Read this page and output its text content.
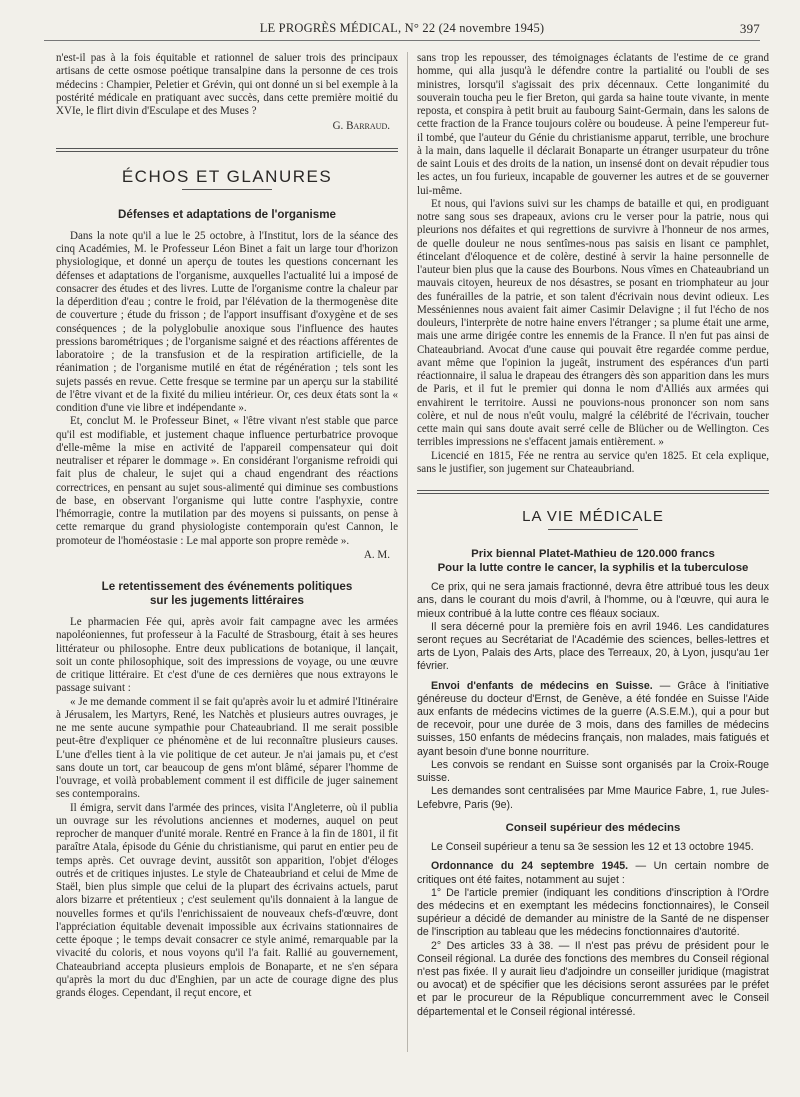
LE PROGRÈS MÉDICAL, N° 22 (24 novembre 1945)	397

n'est-il pas à la fois équitable et rationnel de saluer trois des principaux artisans de cette osmose poétique transalpine dans la personne de ces trois médecins : Champier, Peletier et Grévin, qui ont donné un si bel exemple à la postérité médicale en pratiquant avec succès, dans cette première moitié du XVIe, le flirt divin d'Esculape et des Muses ?

G. Barraud.
ÉCHOS ET GLANURES
Défenses et adaptations de l'organisme

Dans la note qu'il a lue le 25 octobre, à l'Institut, lors de la séance des cinq Académies, M. le Professeur Léon Binet a fait un large tour d'horizon physiologique, et donné un aperçu de toutes les questions concernant les défenses et adaptations de l'organisme, auxquelles l'actualité lui a imposé de consacrer des études et des livres. Lutte de l'organisme contre la chaleur par la déperdition d'eau ; contre le froid, par l'élévation de la thermogenèse dite de couverture ; étude du frisson ; de l'apport insuffisant d'oxygène et de ses conséquences ; de la polyglobulie anoxique sous l'influence des hautes pressions barométriques ; de l'organisme saigné et des réactions afférentes de laboratoire ; de la transfusion et de la respiration artificielle, de la réanimation ; de l'organisme mutilé en état de régénération ; tels sont les sujets passés en revue. Cette fresque se termine par un aperçu sur la stabilité de l'être vivant et de la fixité du milieu intérieur. Or, ces deux états sont la « condition d'une vie libre et indépendante ».

Et, conclut M. le Professeur Binet, « l'être vivant n'est stable que parce qu'il est modifiable, et justement chaque influence perturbatrice provoque d'elle-même la mise en activité de l'appareil compensateur qui doit neutraliser et réparer le dommage ». En considérant l'organisme refroidi qui fait plus de chaleur, le sujet qui a chaud engendrant des réactions correctrices, en pensant au sujet sous-alimenté qui diminue ses combustions de base, en observant l'organisme qui lutte contre l'asphyxie, contre l'hémorragie, contre la mutilation par des moyens si puissants, on pense à cette remarque du grand physiologiste contemporain qu'est Cannon, le promoteur de l'homéostasie : Le mal apporte son propre remède ».

A. M.
Le retentissement des événements politiques
sur les jugements littéraires

Le pharmacien Fée qui, après avoir fait campagne avec les armées napoléoniennes, fut professeur à la Faculté de Strasbourg, était à ses heures littérateur ou philosophe. Entre deux publications de botanique, il lançait, soit un conte philosophique, soit des impressions de voyage, ou une œuvre de critique littéraire. Et c'est d'une de ces dernières que nous extrayons le passage suivant :

« Je me demande comment il se fait qu'après avoir lu et admiré l'Itinéraire à Jérusalem, les Martyrs, René, les Natchès et plusieurs autres ouvrages, je ne me sente aucune sympathie pour Chateaubriand. Il me serait possible peut-être d'expliquer ce phénomène et de lui reconnaître plusieurs causes. L'une d'elles tient à la vie politique de cet auteur. Je n'ai jamais pu, et c'est sans doute un tort, car beaucoup de gens m'ont blâmé, séparer l'homme de l'ouvrage, et voilà probablement comment il est difficile de juger sainement ses contemporains.

Il émigra, servit dans l'armée des princes, visita l'Angleterre, où il publia un ouvrage sur les révolutions anciennes et modernes, auquel on peut reprocher de manquer d'unité morale. Rentré en France à la fin de 1801, il fit paraître Atala, épisode du Génie du christianisme, qui parut en entier peu de temps après. Cet ouvrage devint, aussitôt son apparition, l'objet d'éloges outrés et de critiques injustes. Le style de Chateaubriand et celui de Mme de Staël, bien plus simple que celui de la plupart des écrivains actuels, parut alors bizarre et prétentieux ; c'est seulement qu'ils donnaient à la langue de nouvelles formes et qu'ils l'enrichissaient de nouveaux chefs-d'œuvre, dont l'appréciation équitable devenait impossible aux écrivains stationnaires de cette époque ; le temps devait consacrer ce style animé, remarquable par la vivacité du coloris, et nous voyons qu'il l'a fait. Rallié au gouvernement, Chateaubriand accepta plusieurs emplois de Bonaparte, et ne s'en sépara qu'après la mort du duc d'Enghien, par un acte de courage digne des plus grands éloges. Cependant, il reçut encore, et

sans trop les repousser, des témoignages éclatants de l'estime de ce grand homme, qui alla jusqu'à le défendre contre la partialité ou l'oubli de ses ministres, lorsqu'il s'agissait des prix décennaux. Cette longanimité du souverain toucha peu le fier Breton, qui garda sa haine toute vivante, in mente reposta, et conspira à petit bruit au faubourg Saint-Germain, dans les salons de cette fraction de la France toujours colère ou boudeuse. À peine l'empereur fut-il tombé, que l'auteur du Génie du christianisme apparut, terrible, une brochure à la main, dans laquelle il déclarait Bonaparte un étranger usurpateur du trône de saint Louis et des droits de la nation, un insensé dont on devait répudier tous les actes, un fou furieux, incapable de gouverner les autres et de se gouverner lui-même.

Et nous, qui l'avions suivi sur les champs de bataille et qui, en prodiguant notre sang sous ses drapeaux, avions cru le verser pour la patrie, nous qui pleurions nos défaites et qui regrettions de survivre à l'honneur de nos armes, de quelle douleur ne nous sentîmes-nous pas saisis en lisant ce pamphlet, étincelant d'éloquence et de colère, destiné à servir la haine personnelle de l'auteur bien plus que la cause des Bourbons. Nous vîmes en Chateaubriand un mauvais citoyen, heureux de nos désastres, se posant en triomphateur au jour des funérailles de la patrie, et son talent d'écrivain nous devint odieux. Les Messéniennes nous avaient fait aimer Casimir Delavigne ; il fut l'écho de nos douleurs, l'interprète de notre haine envers l'étranger ; sa plume était une arme, mais une arme dirigée contre les ennemis de la France. Il n'en fut pas ainsi de Chateaubriand. Avocat d'une cause qui pouvait être regardée comme perdue, avant même que l'opinion la jugeât, instrument des espérances d'un parti réactionnaire, il salua le drapeau des étrangers dès son apparition dans les murs de Paris, et il fut le premier qui donna le nom d'Alliés aux armées qui envahirent le territoire. Aussi ne pouvions-nous prononcer son nom sans colère, et nul de nous n'eût voulu, malgré la célébrité de l'écrivain, toucher cette main qui sans doute avait serré celle de Blücher ou de Wellington. Ces terribles impressions ne s'effacent jamais entièrement. »

Licencié en 1815, Fée ne rentra au service qu'en 1825. Et cela explique, sans le justifier, son jugement sur Chateaubriand.

LA VIE MÉDICALE
Prix biennal Platet-Mathieu de 120.000 francs
Pour la lutte contre le cancer, la syphilis et la tuberculose

Ce prix, qui ne sera jamais fractionné, devra être attribué tous les deux ans, dans le courant du mois d'avril, à l'homme, ou à l'œuvre, qui aura le mieux contribué à la lutte contre ces fléaux sociaux.

Il sera décerné pour la première fois en avril 1946. Les candidatures seront reçues au Secrétariat de l'Académie des sciences, belles-lettres et arts de Lyon, Palais des Arts, place des Terreaux, 20, à Lyon, jusqu'au 1er février.

Envoi d'enfants de médecins en Suisse. — Grâce à l'initiative généreuse du docteur d'Ernst, de Genève, a été fondée en Suisse l'Aide aux enfants de médecins victimes de la guerre (A.S.E.M.), qui a pour but de recevoir, pour une durée de 3 mois, dans des familles de médecins suisses, 150 enfants de médecins français, non malades, mais fatigués et ayant besoin d'une bonne nourriture.

Les convois se rendant en Suisse sont organisés par la Croix-Rouge suisse.

Les demandes sont centralisées par Mme Maurice Fabre, 1, rue Jules-Lefebvre, Paris (9e).

Conseil supérieur des médecins

Le Conseil supérieur a tenu sa 3e session les 12 et 13 octobre 1945.

Ordonnance du 24 septembre 1945. — Un certain nombre de critiques ont été faites, notamment au sujet :

1° De l'article premier (indiquant les conditions d'inscription à l'Ordre des médecins et en exemptant les médecins fonctionnaires), le Conseil supérieur a décidé de demander au ministre de la Santé de ne dispenser de l'inscription au tableau que les médecins fonctionnaires d'autorité.

2° Des articles 33 à 38. — Il n'est pas prévu de président pour le Conseil régional. La durée des fonctions des membres du Conseil régional n'est pas fixée. Il y aurait lieu d'adjoindre un conseiller juridique (magistrat ou avocat) et de spécifier que les décisions seront assurées par le préfet et par le procureur de la République concurremment avec le Conseil départemental et le Conseil régional intéressé.
